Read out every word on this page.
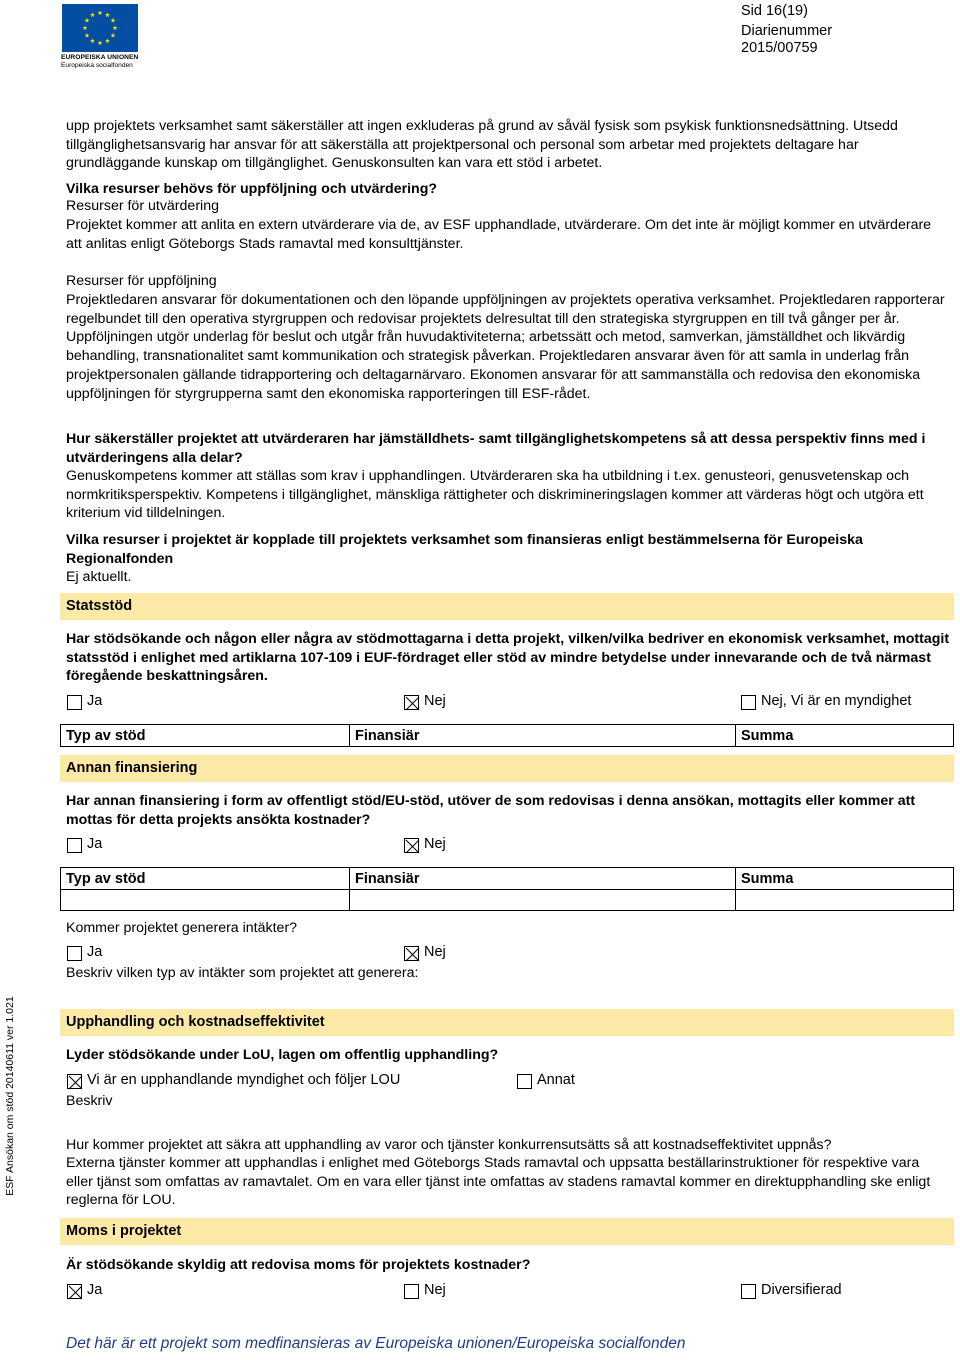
EUROPEISKA UNIONEN
Europeiska socialfonden
Sid 16(19)
Diarienummer
2015/00759
ESF Ansökan om stöd 20140611 ver 1.021

upp projektets verksamhet samt säkerställer att ingen exkluderas på grund av såväl fysisk som psykisk funktionsnedsättning. Utsedd tillgänglighetsansvarig har ansvar för att säkerställa att projektpersonal och personal som arbetar med projektets deltagare har grundläggande kunskap om tillgänglighet. Genuskonsulten kan vara ett stöd i arbetet.

Vilka resurser behövs för uppföljning och utvärdering?

Resurser för utvärdering

Projektet kommer att anlita en extern utvärderare via de, av ESF upphandlade, utvärderare. Om det inte är möjligt kommer en utvärderare att anlitas enligt Göteborgs Stads ramavtal med konsulttjänster.

Resurser för uppföljning

Projektledaren ansvarar för dokumentationen och den löpande uppföljningen av projektets operativa verksamhet. Projektledaren rapporterar regelbundet till den operativa styrgruppen och redovisar projektets delresultat till den strategiska styrgruppen en till två gånger per år. Uppföljningen utgör underlag för beslut och utgår från huvudaktiviteterna; arbetssätt och metod, samverkan, jämställdhet och likvärdig behandling, transnationalitet samt kommunikation och strategisk påverkan. Projektledaren ansvarar även för att samla in underlag från projektpersonalen gällande tidrapportering och deltagarnärvaro. Ekonomen ansvarar för att sammanställa och redovisa den ekonomiska uppföljningen för styrgrupperna samt den ekonomiska rapporteringen till ESF-rådet.

Hur säkerställer projektet att utvärderaren har jämställdhets- samt tillgänglighetskompetens så att dessa perspektiv finns med i utvärderingens alla delar?

Genuskompetens kommer att ställas som krav i upphandlingen. Utvärderaren ska ha utbildning i t.ex. genusteori, genusvetenskap och normkritiksperspektiv. Kompetens i tillgänglighet, mänskliga rättigheter och diskrimineringslagen kommer att värderas högt och utgöra ett kriterium vid tilldelningen.

Vilka resurser i projektet är kopplade till projektets verksamhet som finansieras enligt bestämmelserna för Europeiska Regionalfonden

Ej aktuellt.

Statsstöd

Har stödsökande och någon eller några av stödmottagarna i detta projekt, vilken/vilka bedriver en ekonomisk verksamhet, mottagit statsstöd i enlighet med artiklarna 107-109 i EUF-fördraget eller stöd av mindre betydelse under innevarande och de två närmast föregående beskattningsåren.

Ja	Nej	Nej, Vi är en myndighet
Typ av stöd	Finansiär	Summa
Annan finansiering

Har annan finansiering i form av offentligt stöd/EU-stöd, utöver de som redovisas i denna ansökan, mottagits eller kommer att mottas för detta projekts ansökta kostnader?

Ja	Nej
Typ av stöd	Finansiär	Summa

Kommer projektet generera intäkter?

Ja	Nej

Beskriv vilken typ av intäkter som projektet att generera:

Upphandling och kostnadseffektivitet

Lyder stödsökande under LoU, lagen om offentlig upphandling?

Vi är en upphandlande myndighet och följer LOU	Annat

Beskriv

Hur kommer projektet att säkra att upphandling av varor och tjänster konkurrensutsätts så att kostnadseffektivitet uppnås?

Externa tjänster kommer att upphandlas i enlighet med Göteborgs Stads ramavtal och uppsatta beställarinstruktioner för respektive vara eller tjänst som omfattas av ramavtalet. Om en vara eller tjänst inte omfattas av stadens ramavtal kommer en direktupphandling ske enligt reglerna för LOU.

Moms i projektet

Är stödsökande skyldig att redovisa moms för projektets kostnader?

Ja	Nej	Diversifierad
Det här är ett projekt som medfinansieras av Europeiska unionen/Europeiska socialfonden
